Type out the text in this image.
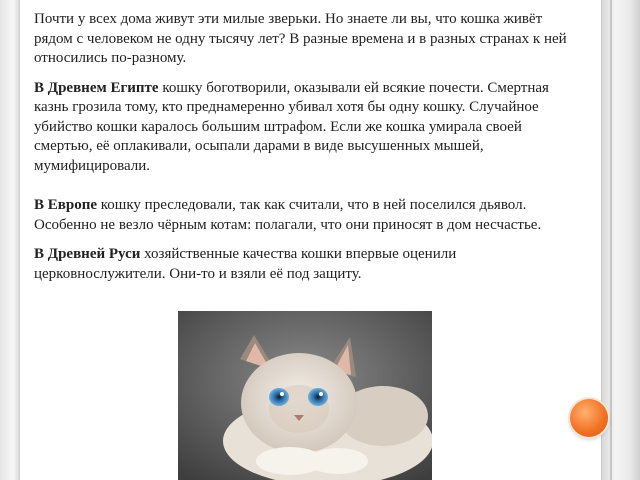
Почти у всех дома живут эти милые зверьки. Но знаете ли вы, что кошка живёт рядом с человеком не одну тысячу лет? В разные времена и в разных странах к ней относились по-разному.

В Древнем Египте кошку боготворили, оказывали ей всякие почести. Смертная казнь грозила тому, кто преднамеренно убивал хотя бы одну кошку. Случайное убийство кошки каралось большим штрафом. Если же кошка умирала своей смертью, её оплакивали, осыпали дарами в виде высушенных мышей, мумифицировали.

В Европе кошку преследовали, так как считали, что в ней поселился дьявол. Особенно не везло чёрным котам: полагали, что они приносят в дом несчастье.

В Древней Руси хозяйственные качества кошки впервые оценили церковнослужители. Они-то и взяли её под защиту.
